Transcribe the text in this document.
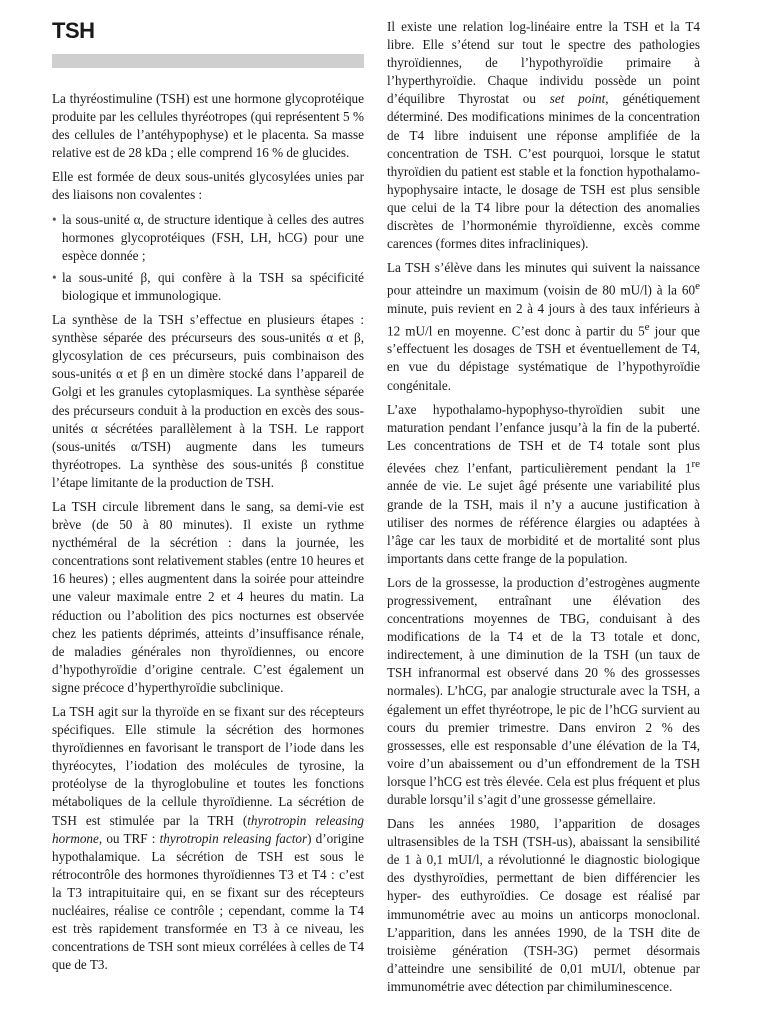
TSH

La thyréostimuline (TSH) est une hormone glycoprotéique produite par les cellules thyréotropes (qui représentent 5 % des cellules de l’antéhypophyse) et le placenta. Sa masse relative est de 28 kDa ; elle comprend 16 % de glucides.

Elle est formée de deux sous-unités glycosylées unies par des liaisons non covalentes :

• la sous-unité α, de structure identique à celles des autres hormones glycoprotéiques (FSH, LH, hCG) pour une espèce donnée ;
• la sous-unité β, qui confère à la TSH sa spécificité biologique et immunologique.

La synthèse de la TSH s’effectue en plusieurs étapes : synthèse séparée des précurseurs des sous-unités α et β, glycosylation de ces précurseurs, puis combinaison des sous-unités α et β en un dimère stocké dans l’appareil de Golgi et les granules cytoplasmiques. La synthèse séparée des précurseurs conduit à la production en excès des sous-unités α sécrétées parallèlement à la TSH. Le rapport (sous-unités α/TSH) augmente dans les tumeurs thyréotropes. La synthèse des sous-unités β constitue l’étape limitante de la production de TSH.

La TSH circule librement dans le sang, sa demi-vie est brève (de 50 à 80 minutes). Il existe un rythme nycthéméral de la sécrétion : dans la journée, les concentrations sont relativement stables (entre 10 heures et 16 heures) ; elles augmentent dans la soirée pour atteindre une valeur maximale entre 2 et 4 heures du matin. La réduction ou l’abolition des pics nocturnes est observée chez les patients déprimés, atteints d’insuffisance rénale, de maladies générales non thyroïdiennes, ou encore d’hypothyroïdie d’origine centrale. C’est également un signe précoce d’hyperthyroïdie subclinique.

La TSH agit sur la thyroïde en se fixant sur des récepteurs spécifiques. Elle stimule la sécrétion des hormones thyroïdiennes en favorisant le transport de l’iode dans les thyréocytes, l’iodation des molécules de tyrosine, la protéolyse de la thyroglobuline et toutes les fonctions métaboliques de la cellule thyroïdienne. La sécrétion de TSH est stimulée par la TRH (thyrotropin releasing hormone, ou TRF : thyrotropin releasing factor) d’origine hypothalamique. La sécrétion de TSH est sous le rétrocontrôle des hormones thyroïdiennes T3 et T4 : c’est la T3 intrapituitaire qui, en se fixant sur des récepteurs nucléaires, réalise ce contrôle ; cependant, comme la T4 est très rapidement transformée en T3 à ce niveau, les concentrations de TSH sont mieux corrélées à celles de T4 que de T3.

Il existe une relation log-linéaire entre la TSH et la T4 libre. Elle s’étend sur tout le spectre des pathologies thyroïdiennes, de l’hypothyroïdie primaire à l’hyperthyroïdie. Chaque individu possède un point d’équilibre Thyrostat ou set point, génétiquement déterminé. Des modifications minimes de la concentration de T4 libre induisent une réponse amplifiée de la concentration de TSH. C’est pourquoi, lorsque le statut thyroïdien du patient est stable et la fonction hypothalamo-hypophysaire intacte, le dosage de TSH est plus sensible que celui de la T4 libre pour la détection des anomalies discrètes de l’hormonémie thyroïdienne, excès comme carences (formes dites infracliniques).

La TSH s’élève dans les minutes qui suivent la naissance pour atteindre un maximum (voisin de 80 mU/l) à la 60e minute, puis revient en 2 à 4 jours à des taux inférieurs à 12 mU/l en moyenne. C’est donc à partir du 5e jour que s’effectuent les dosages de TSH et éventuellement de T4, en vue du dépistage systématique de l’hypothyroïdie congénitale.

L’axe hypothalamo-hypophyso-thyroïdien subit une maturation pendant l’enfance jusqu’à la fin de la puberté. Les concentrations de TSH et de T4 totale sont plus élevées chez l’enfant, particulièrement pendant la 1re année de vie. Le sujet âgé présente une variabilité plus grande de la TSH, mais il n’y a aucune justification à utiliser des normes de référence élargies ou adaptées à l’âge car les taux de morbidité et de mortalité sont plus importants dans cette frange de la population.

Lors de la grossesse, la production d’estrogènes augmente progressivement, entraînant une élévation des concentrations moyennes de TBG, conduisant à des modifications de la T4 et de la T3 totale et donc, indirectement, à une diminution de la TSH (un taux de TSH infranormal est observé dans 20 % des grossesses normales). L’hCG, par analogie structurale avec la TSH, a également un effet thyréotrope, le pic de l’hCG survient au cours du premier trimestre. Dans environ 2 % des grossesses, elle est responsable d’une élévation de la T4, voire d’un abaissement ou d’un effondrement de la TSH lorsque l’hCG est très élevée. Cela est plus fréquent et plus durable lorsqu’il s’agit d’une grossesse gémellaire.

Dans les années 1980, l’apparition de dosages ultrasensibles de la TSH (TSH-us), abaissant la sensibilité de 1 à 0,1 mUI/l, a révolutionné le diagnostic biologique des dysthyroïdies, permettant de bien différencier les hyper- des euthyroïdies. Ce dosage est réalisé par immunométrie avec au moins un anticorps monoclonal. L’apparition, dans les années 1990, de la TSH dite de troisième génération (TSH-3G) permet désormais d’atteindre une sensibilité de 0,01 mUI/l, obtenue par immunométrie avec détection par chimiluminescence.
